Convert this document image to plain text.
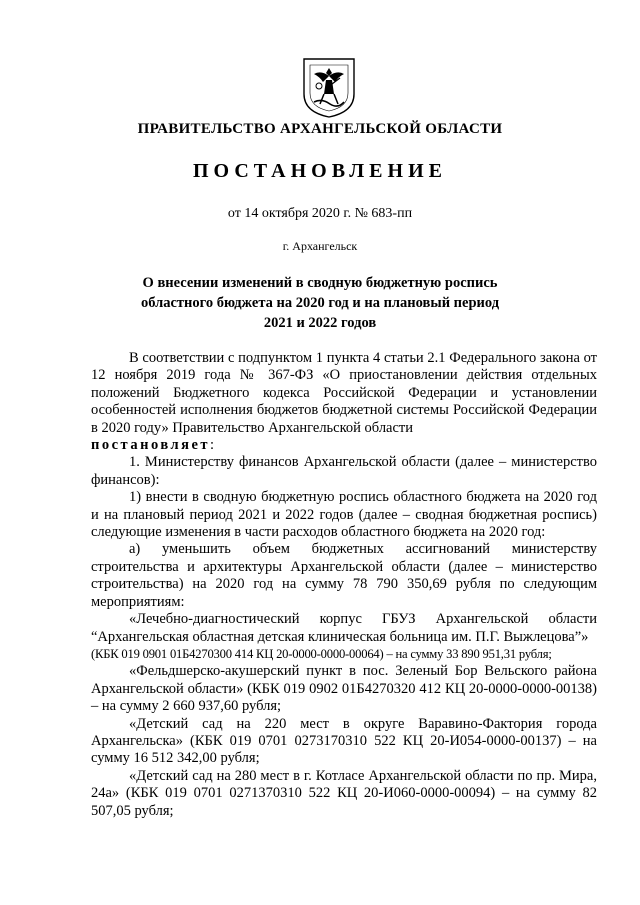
ПРАВИТЕЛЬСТВО АРХАНГЕЛЬСКОЙ ОБЛАСТИ
ПОСТАНОВЛЕНИЕ
от 14 октября 2020 г. № 683-пп
г. Архангельск
О внесении изменений в сводную бюджетную роспись
областного бюджета на 2020 год и на плановый период
2021 и 2022 годов

В соответствии с подпунктом 1 пункта 4 статьи 2.1 Федерального закона от 12 ноября 2019 года № 367-ФЗ «О приостановлении действия отдельных положений Бюджетного кодекса Российской Федерации и установлении особенностей исполнения бюджетов бюджетной системы Российской Федерации в 2020 году» Правительство Архангельской области
постановляет:

1. Министерству финансов Архангельской области (далее – министерство финансов):

1) внести в сводную бюджетную роспись областного бюджета на 2020 год и на плановый период 2021 и 2022 годов (далее – сводная бюджетная роспись) следующие изменения в части расходов областного бюджета на 2020 год:

а) уменьшить объем бюджетных ассигнований министерству строительства и архитектуры Архангельской области (далее – министерство строительства) на 2020 год на сумму 78 790 350,69 рубля по следующим мероприятиям:

«Лечебно-диагностический корпус ГБУЗ Архангельской области “Архангельская областная детская клиническая больница им. П.Г. Выжлецова”»
(КБК 019 0901 01Б4270300 414 КЦ 20-0000-0000-00064) – на сумму 33 890 951,31 рубля;

«Фельдшерско-акушерский пункт в пос. Зеленый Бор Вельского района Архангельской области» (КБК 019 0902 01Б4270320 412 КЦ 20-0000-0000-00138) – на сумму 2 660 937,60 рубля;

«Детский сад на 220 мест в округе Варавино-Фактория города Архангельска» (КБК 019 0701 0273170310 522 КЦ 20-И054-0000-00137) – на сумму 16 512 342,00 рубля;

«Детский сад на 280 мест в г. Котласе Архангельской области по пр. Мира, 24а» (КБК 019 0701 0271370310 522 КЦ 20-И060-0000-00094) – на сумму 82 507,05 рубля;
